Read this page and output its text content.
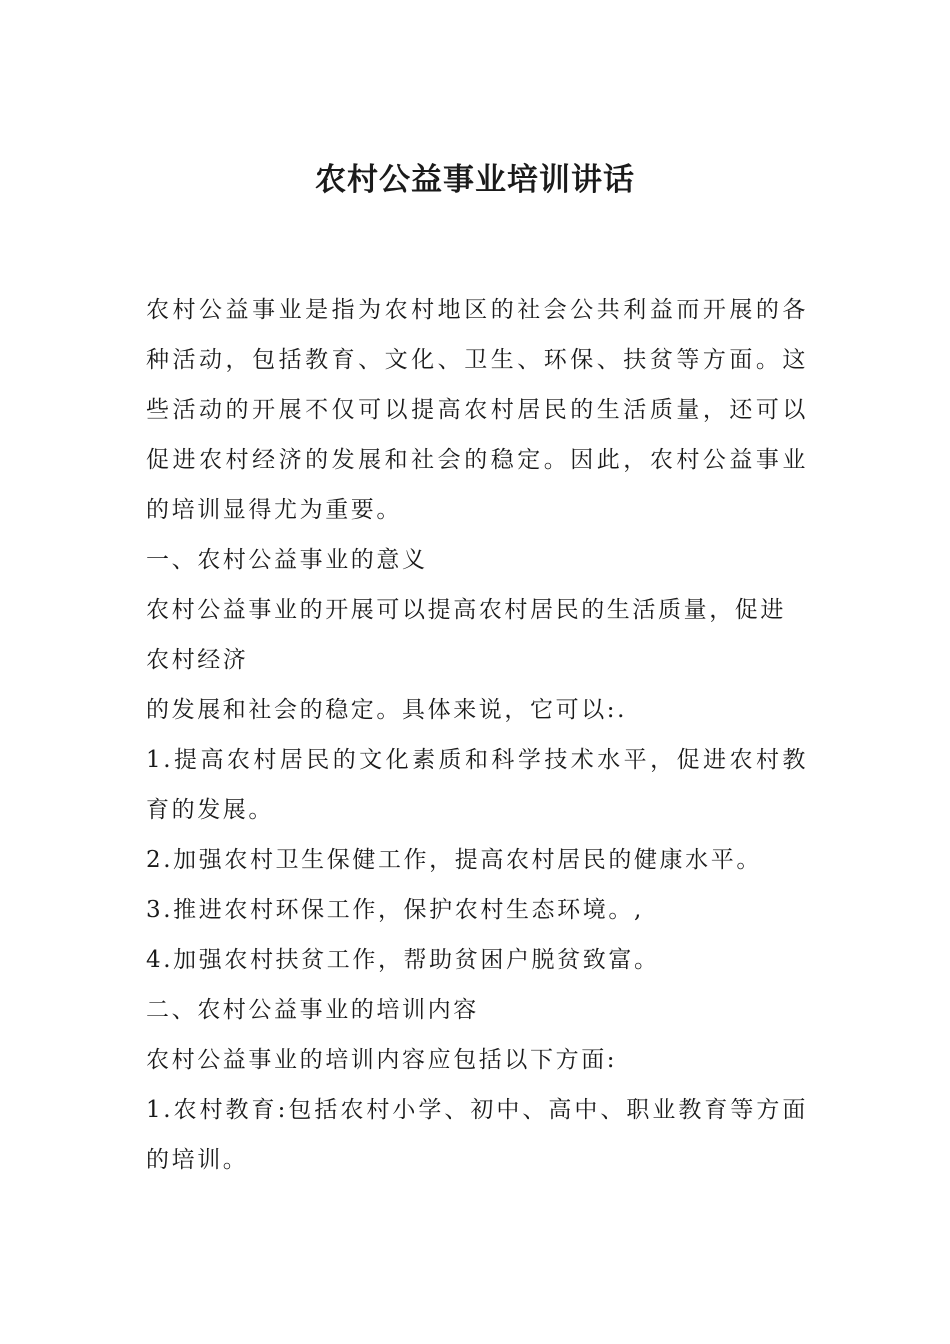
农村公益事业培训讲话

农村公益事业是指为农村地区的社会公共利益而开展的各种活动，包括教育、文化、卫生、环保、扶贫等方面。这些活动的开展不仅可以提高农村居民的生活质量，还可以促进农村经济的发展和社会的稳定。因此，农村公益事业的培训显得尤为重要。

一、农村公益事业的意义

农村公益事业的开展可以提高农村居民的生活质量，促进农村经济

的发展和社会的稳定。具体来说，它可以:.

1.提高农村居民的文化素质和科学技术水平，促进农村教育的发展。

2.加强农村卫生保健工作，提高农村居民的健康水平。

3.推进农村环保工作，保护农村生态环境。,

4.加强农村扶贫工作，帮助贫困户脱贫致富。

二、农村公益事业的培训内容

农村公益事业的培训内容应包括以下方面:

1.农村教育:包括农村小学、初中、高中、职业教育等方面的培训。
